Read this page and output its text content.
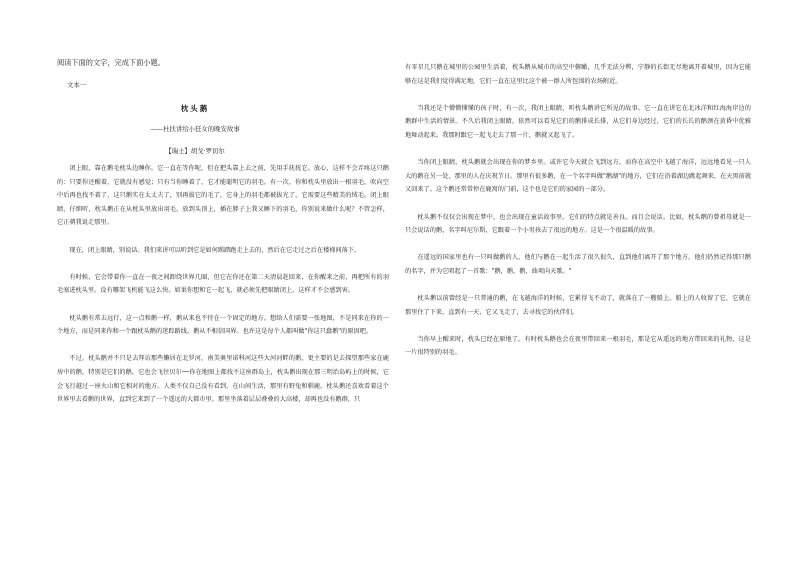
阅读下面的文字，完成下面小题。
文本一
枕头鹅
——杜扶讲给小狂女的晚安故事
【瑞士】胡戈·罗切尔

闭上眼，靠在鹅毛枕头边睡你。它一直在等你呢，但在把头靠上去之前，先用手抚抚它。放心，这样不会弄疼这只鹅的：只要你还醒着，它就没有感觉；只有当你睡着了，它才能聪明它的羽毛。有一次，你和枕头里放出一根羽毛，吹向空中后再也找不着了，这只鹅实在太丈夫了，别再拔它的毛了，它身上的羽毛都被拔光了，它需要这些精美的绒毛。闭上眼睛，仔细听，枕头鹅正在从枕头里放出羽毛，放到头顶上，插在脖子上我又睡下的羽毛，你别说来做什么呢？不管怎样，它正朝我说走那里。

现在，闭上眼睛，别说话。我们来讲可以听到它是如何踢踏跑走上去的，然后在它走过之后在楼梯间落下。

有时候，它会带着你一直在一夜之间卸绕世界几圈，但它在你还在第二天清晨赶回来，在你醒来之前，再把所有的羽毛塞进枕头里。没有哪架飞机能飞这么快。如果你想和它一起飞，就必须先把眼睛闭上，这样才不会感到害。

枕头鹅有常去远行，这一点和鹅一样，鹅从来也不待在一个固定的地方。想给人们需要一张地图，不是同来在你的一个地方，而是同来你和一个跟枕头鹅的迷踪路线。鹅从不相信国界。也许这是每个人都叫做"你这只蠢鹅"的原因吧。

不过，枕头鹅并不只是去拜访那些懒居在北罗河，南美奥里诺科河这些大河河畔的鹅，更主要的是去探望那些家在鹿房中的鹅，特别是它们的鹅，它也会飞往贝尔──你在地图上都找不这座群岛上，枕头鹅出现在那三明治岛屿上的时候，它会飞行越过一座火山和它相对的地方。人类不仅自己没有看到，在山间生活，那里有野兔和驯鹿。枕头鹅还喜欢看着这个世界里去看鹅的世界，直到它来到了一个遥远的大都市里。那里坐落着层层叠叠的大高楼，却再也没有鹅群，只

有零星几只鹅在城里的公园里生活着，枕头鹅从城市的高空中俯瞰，几乎无法分辨，宁静的长街无尽地离开着城里，因为它能够在这是我们觉得满足地，它们一直在这里比这个被一群人所包围的农场附近。

当我还是个懵懵懂懂的孩子时，有一次，我闭上眼睛，听枕头鹅讲它所见的故事。它一直在讲它在北冰洋和红海海岸边的鹅群中生活的情景。不久后我闭上眼睛，依然可以看见它们的鹅排成长排，从它们身边经过，它们的长长的鹅颈在黄昏中优雅地舞动起来。我那时跟它一起飞走去了那一片，鹅就又起飞了。

当你闭上眼睛，枕头鹅就会出现在你的梦乡里。或许它今天就会飞到远方，而你在高空中飞越了海洋，远远地看见一只人大的鹅在另一处，那里的人在庆祝节日。那里有很多鹅，在一个名字叫做"鹅湖"的地方，它们在沿着湖边跳起舞来，在天黑前就又回来了。这个鹅还常常停在鹿窝的门前，这个也是它们的家园的一部分。

枕头鹅不仅仅会出现在梦中，也会出现在童话故事里。它们的特点就是善良，而且会说话。比如，枕头鹅的曾祖母就是一只会说话的鹅，名字叫尼尔斯，它跟着一个小男孩去了很远的地方。这是一个很温暖的故事。

在遥远的国家里也有一只叫做鹅的人，他们与鹅在一起生活了很久很久，直到他们离开了那个地方，他们仍然记得那只鹅的名字，并为它唱起了一首歌："鹅，鹅，鹅，曲项向天歌。"

枕头鹅以前曾经是一只普通的鹅，在飞越海洋的时候，它累得飞不动了，就落在了一艘船上。船上的人收留了它，它就在那里住了下来，直到有一天，它又飞走了，去寻找它的伙伴们。

当你早上醒来时，枕头已经在原地了。有时枕头鹅也会在夜里带回来一根羽毛，那是它从遥远的地方带回来的礼物，这是一片很特别的羽毛。
